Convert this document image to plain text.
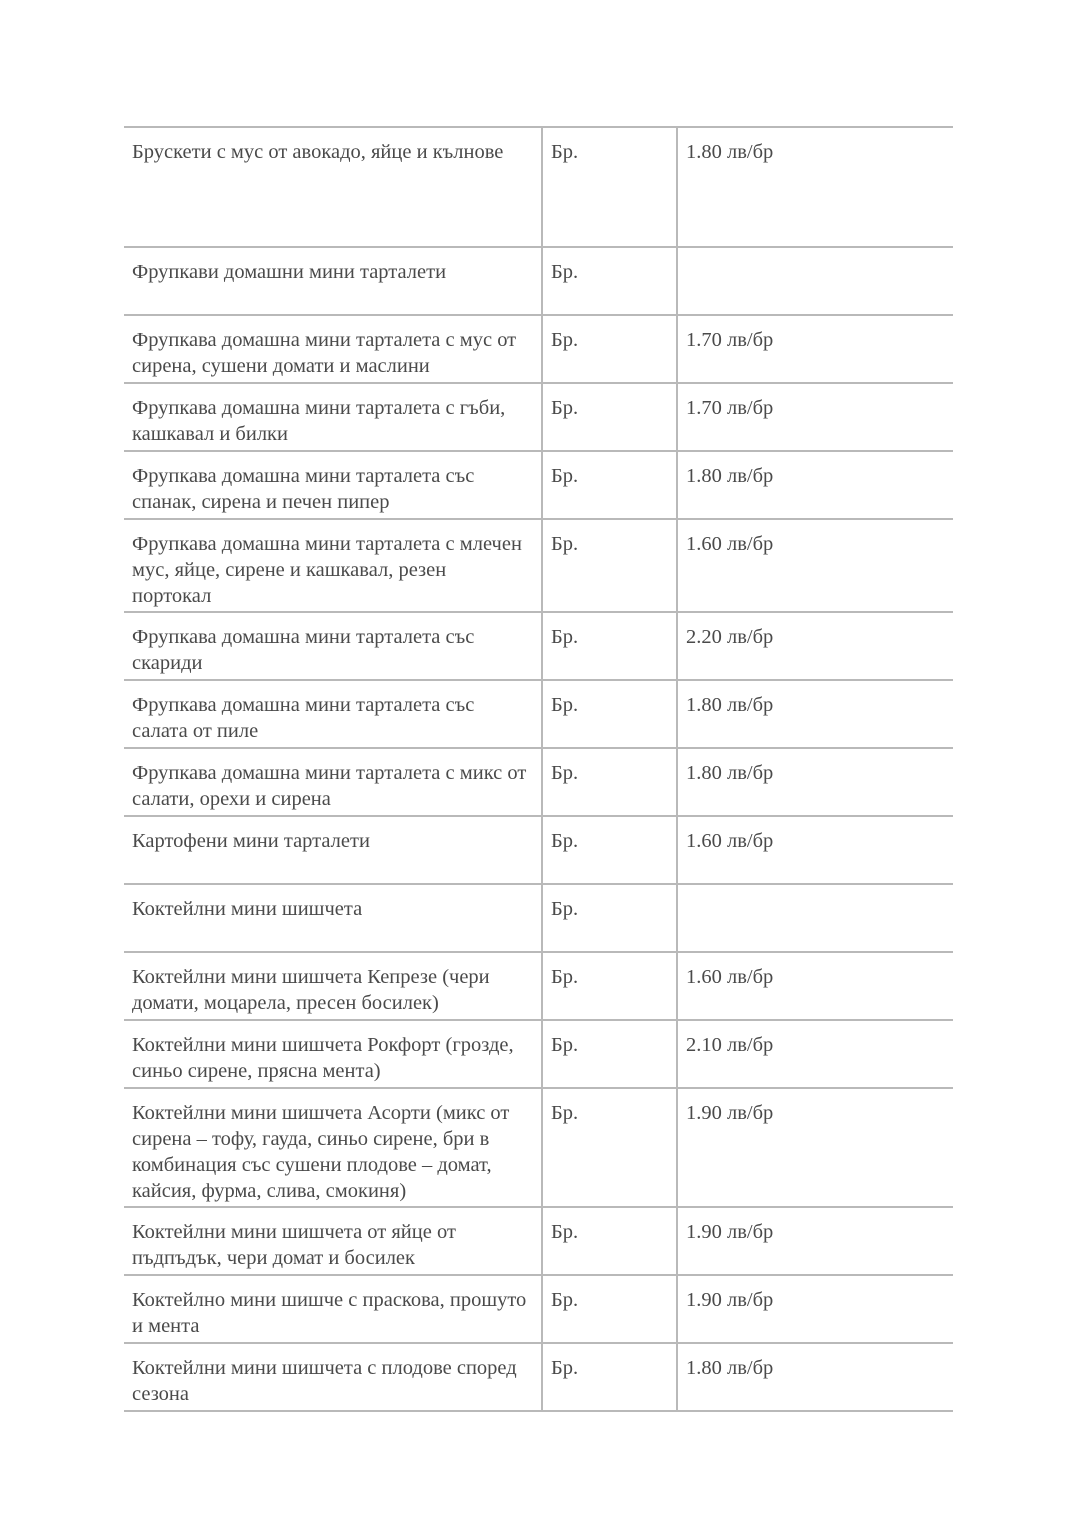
Брускети с мус от авокадо, яйце и кълнове	Бр.	1.80 лв/бр
Фрупкави домашни мини тарталети	Бр.	
Фрупкава домашна мини тарталета с мус от сирена, сушени домати и маслини	Бр.	1.70 лв/бр
Фрупкава домашна мини тарталета с гъби, кашкавал и билки	Бр.	1.70 лв/бр
Фрупкава домашна мини тарталета със спанак, сирена и печен пипер	Бр.	1.80 лв/бр
Фрупкава домашна мини тарталета с млечен мус, яйце, сирене и кашкавал, резен портокал	Бр.	1.60 лв/бр
Фрупкава домашна мини тарталета със скариди	Бр.	2.20 лв/бр
Фрупкава домашна мини тарталета със салата от пиле	Бр.	1.80 лв/бр
Фрупкава домашна мини тарталета с микс от салати, орехи и сирена	Бр.	1.80 лв/бр
Картофени мини тарталети	Бр.	1.60 лв/бр
Коктейлни мини шишчета	Бр.	
Коктейлни мини шишчета Кепрезе (чери домати, моцарела, пресен босилек)	Бр.	1.60 лв/бр
Коктейлни мини шишчета Рокфорт (грозде, синьо сирене, прясна мента)	Бр.	2.10 лв/бр
Коктейлни мини шишчета Асорти (микс от сирена – тофу, гауда, синьо сирене, бри в комбинация със сушени плодове – домат, кайсия, фурма, слива, смокиня)	Бр.	1.90 лв/бр
Коктейлни мини шишчета от яйце от пъдпъдък, чери домат и босилек	Бр.	1.90 лв/бр
Коктейлно мини шишче с праскова, прошуто и мента	Бр.	1.90 лв/бр
Коктейлни мини шишчета с плодове според сезона	Бр.	1.80 лв/бр
